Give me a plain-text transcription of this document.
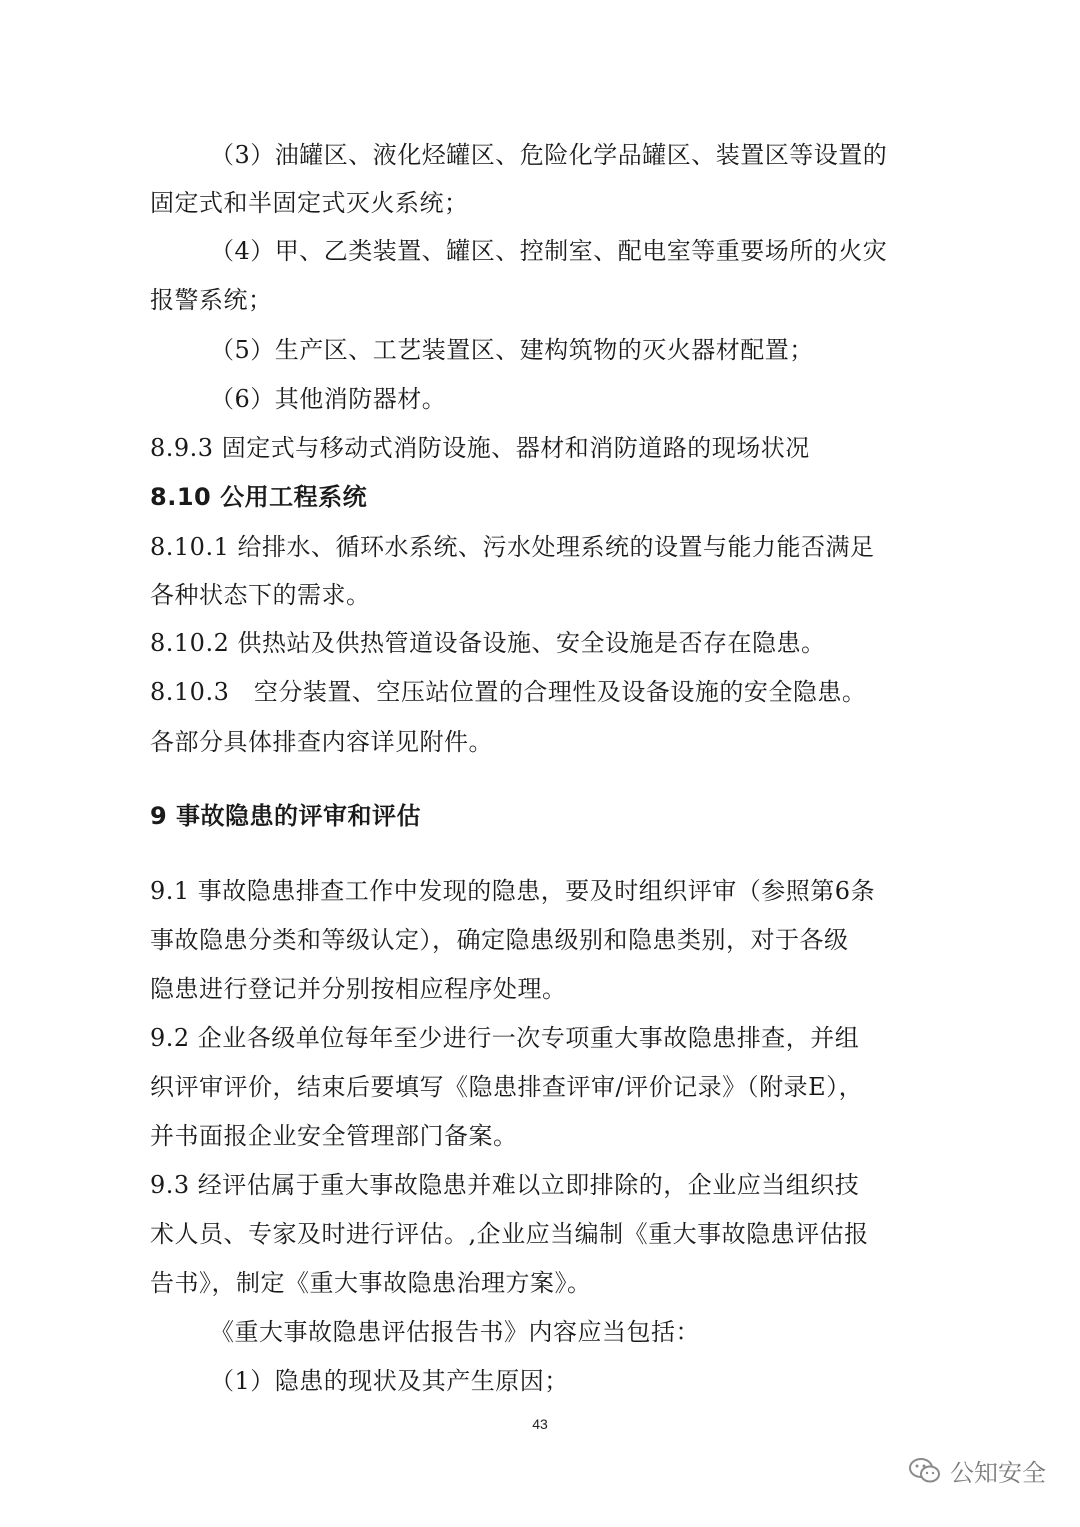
（3）油罐区、液化烃罐区、危险化学品罐区、装置区等设置的
固定式和半固定式灭火系统；
（4）甲、乙类装置、罐区、控制室、配电室等重要场所的火灾
报警系统；
（5）生产区、工艺装置区、建构筑物的灭火器材配置；
（6）其他消防器材。
8.9.3 固定式与移动式消防设施、器材和消防道路的现场状况
8.10 公用工程系统
8.10.1 给排水、循环水系统、污水处理系统的设置与能力能否满足
各种状态下的需求。
8.10.2 供热站及供热管道设备设施、安全设施是否存在隐患。
8.10.3　空分装置、空压站位置的合理性及设备设施的安全隐患。
各部分具体排查内容详见附件。
9 事故隐患的评审和评估
9.1 事故隐患排查工作中发现的隐患，要及时组织评审（参照第6条
事故隐患分类和等级认定），确定隐患级别和隐患类别，对于各级
隐患进行登记并分别按相应程序处理。
9.2 企业各级单位每年至少进行一次专项重大事故隐患排查，并组
织评审评价，结束后要填写《隐患排查评审/评价记录》（附录E），
并书面报企业安全管理部门备案。
9.3 经评估属于重大事故隐患并难以立即排除的，企业应当组织技
术人员、专家及时进行评估。,企业应当编制《重大事故隐患评估报
告书》，制定《重大事故隐患治理方案》。
《重大事故隐患评估报告书》内容应当包括：
（1）隐患的现状及其产生原因；
43
公知安全
